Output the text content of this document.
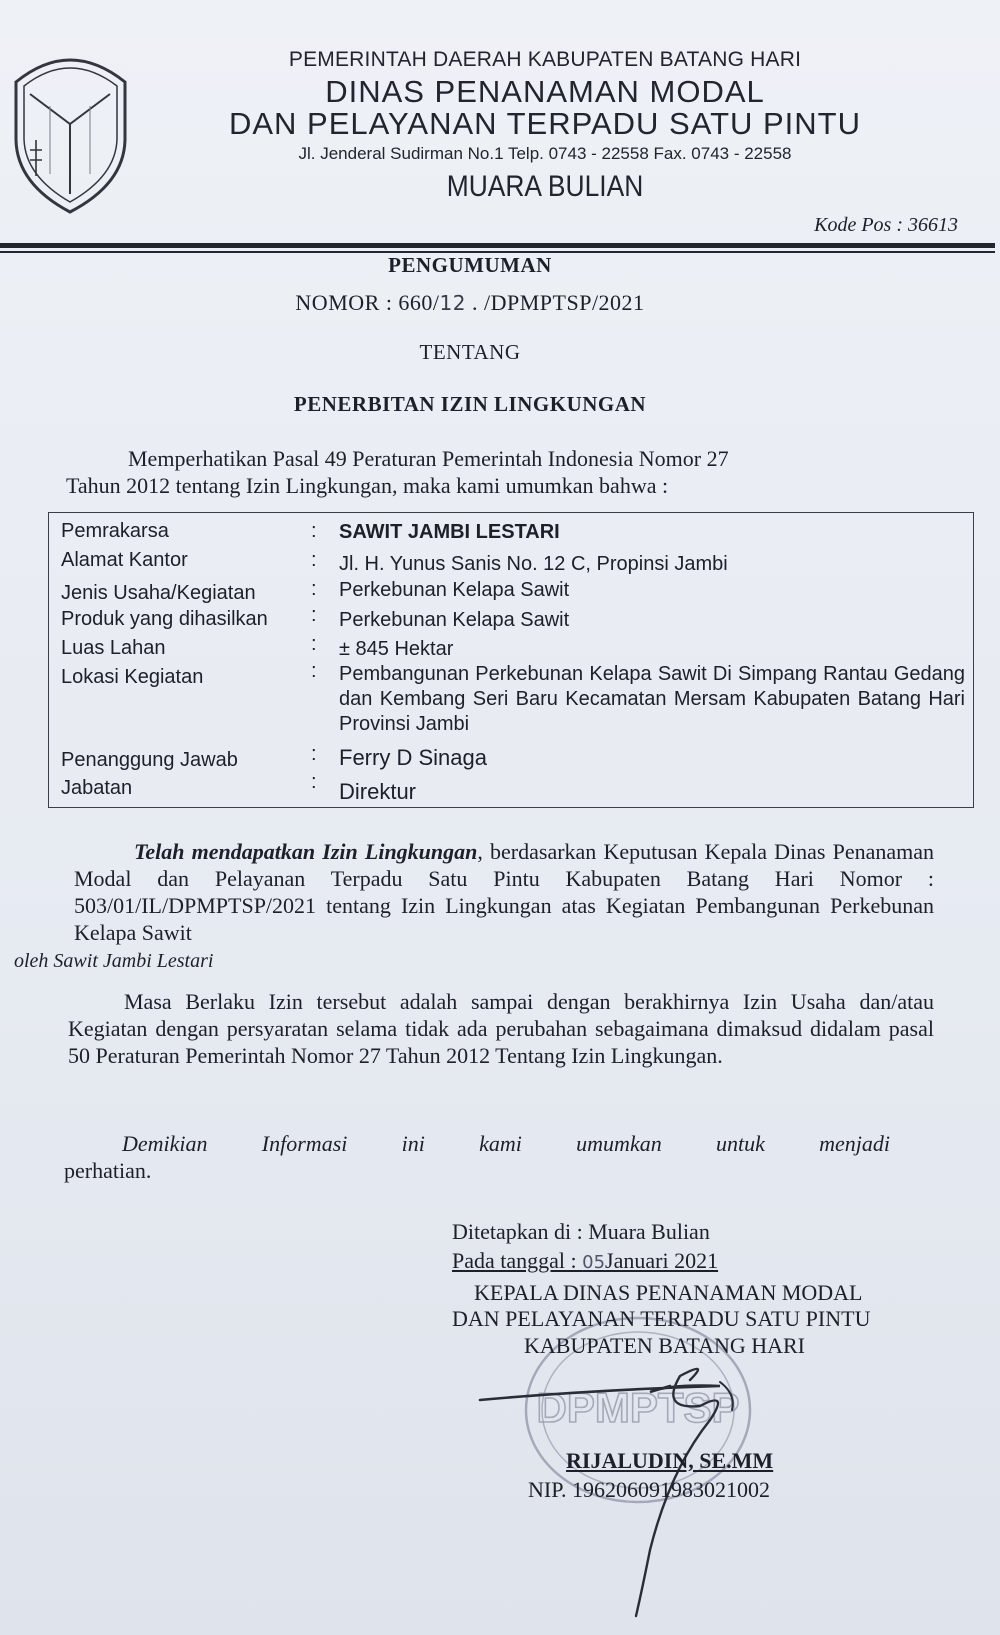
PEMERINTAH DAERAH KABUPATEN BATANG HARI
DINAS PENANAMAN MODAL
DAN PELAYANAN TERPADU SATU PINTU
Jl. Jenderal Sudirman No.1 Telp. 0743 - 22558 Fax. 0743 - 22558
MUARA BULIAN
Kode Pos : 36613
PENGUMUMAN
NOMOR : 660/12 . /DPMPTSP/2021
TENTANG
PENERBITAN IZIN LINGKUNGAN
Memperhatikan Pasal 49 Peraturan Pemerintah Indonesia Nomor 27
Tahun 2012 tentang Izin Lingkungan, maka kami umumkan bahwa :
Pemrakarsa	: SAWIT JAMBI LESTARI
Alamat Kantor	: Jl. H. Yunus Sanis No. 12 C, Propinsi Jambi
Jenis Usaha/Kegiatan	: Perkebunan Kelapa Sawit
Produk yang dihasilkan : Perkebunan Kelapa Sawit
Luas Lahan	: ± 845 Hektar
Lokasi Kegiatan	: Pembangunan Perkebunan Kelapa Sawit Di Simpang Rantau Gedang dan Kembang Seri Baru Kecamatan Mersam Kabupaten Batang Hari Provinsi Jambi
Penanggung Jawab	: Ferry D Sinaga
Jabatan	: Direktur
Telah mendapatkan Izin Lingkungan, berdasarkan Keputusan Kepala Dinas Penanaman Modal dan Pelayanan Terpadu Satu Pintu Kabupaten Batang Hari Nomor : 503/01/IL/DPMPTSP/2021 tentang Izin Lingkungan atas Kegiatan Pembangunan Perkebunan Kelapa Sawit
oleh Sawit Jambi Lestari
Masa Berlaku Izin tersebut adalah sampai dengan berakhirnya Izin Usaha dan/atau Kegiatan dengan persyaratan selama tidak ada perubahan sebagaimana dimaksud didalam pasal 50 Peraturan Pemerintah Nomor 27 Tahun 2012 Tentang Izin Lingkungan.
Demikian Informasi ini kami umumkan untuk menjadi
perhatian.
DPMPTSP
Ditetapkan di : Muara Bulian
Pada tanggal : 05Januari 2021
KEPALA DINAS PENANAMAN MODAL
DAN PELAYANAN TERPADU SATU PINTU
KABUPATEN BATANG HARI
RIJALUDIN, SE.MM
NIP. 196206091983021002
